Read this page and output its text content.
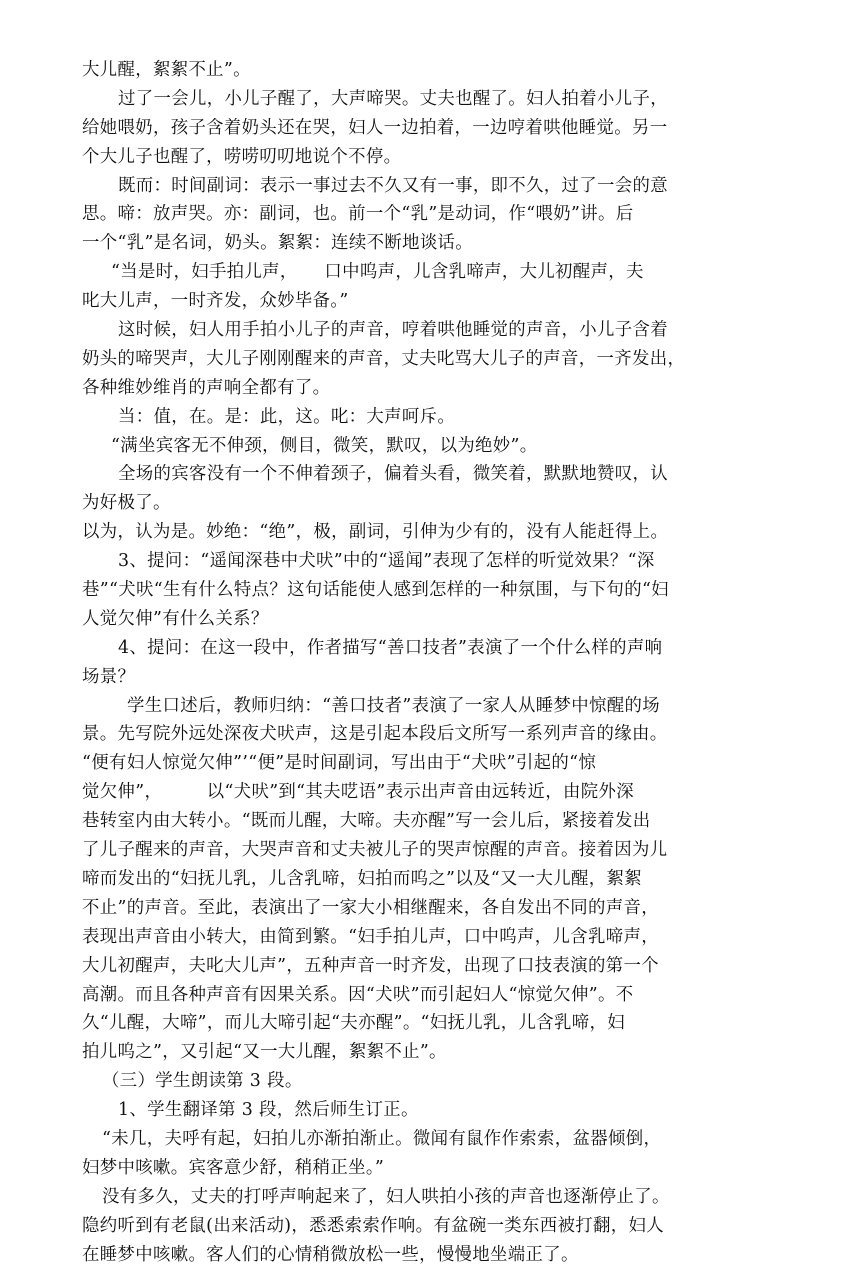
大儿醒，絮絮不止”。
过了一会儿，小儿子醒了，大声啼哭。丈夫也醒了。妇人拍着小儿子，
给她喂奶，孩子含着奶头还在哭，妇人一边拍着，一边哼着哄他睡觉。另一
个大儿子也醒了，唠唠叨叨地说个不停。
既而：时间副词：表示一事过去不久又有一事，即不久，过了一会的意
思。啼：放声哭。亦：副词，也。前一个“乳”是动词，作“喂奶”讲。后
一个“乳”是名词，奶头。絮絮：连续不断地谈话。
“当是时，妇手拍儿声，　　口中呜声，儿含乳啼声，大儿初醒声，夫
叱大儿声，一时齐发，众妙毕备。”
这时候，妇人用手拍小儿子的声音，哼着哄他睡觉的声音，小儿子含着
奶头的啼哭声，大儿子刚刚醒来的声音，丈夫叱骂大儿子的声音，一齐发出，
各种维妙维肖的声响全都有了。
当：值，在。是：此，这。叱：大声呵斥。
“满坐宾客无不伸颈，侧目，微笑，默叹，以为绝妙”。
全场的宾客没有一个不伸着颈子，偏着头看，微笑着，默默地赞叹，认
为好极了。
以为，认为是。妙绝：“绝”，极，副词，引伸为少有的，没有人能赶得上。
3、提问：“遥闻深巷中犬吠”中的“遥闻”表现了怎样的听觉效果？“深
巷”“犬吠“生有什么特点？这句话能使人感到怎样的一种氛围，与下句的“妇
人觉欠伸”有什么关系？
4、提问：在这一段中，作者描写“善口技者”表演了一个什么样的声响
场景？
学生口述后，教师归纳：“善口技者”表演了一家人从睡梦中惊醒的场
景。先写院外远处深夜犬吠声，这是引起本段后文所写一系列声音的缘由。
“便有妇人惊觉欠伸”’“便”是时间副词，写出由于“犬吠”引起的“惊
觉欠伸”，　　　以“犬吠”到“其夫呓语”表示出声音由远转近，由院外深
巷转室内由大转小。“既而儿醒，大啼。夫亦醒”写一会儿后，紧接着发出
了儿子醒来的声音，大哭声音和丈夫被儿子的哭声惊醒的声音。接着因为儿
啼而发出的“妇抚儿乳，儿含乳啼，妇拍而呜之”以及“又一大儿醒，絮絮
不止”的声音。至此，表演出了一家大小相继醒来，各自发出不同的声音，
表现出声音由小转大，由简到繁。“妇手拍儿声，口中呜声，儿含乳啼声，
大儿初醒声，夫叱大儿声”，五种声音一时齐发，出现了口技表演的第一个
高潮。而且各种声音有因果关系。因“犬吠”而引起妇人“惊觉欠伸”。不
久“儿醒，大啼”，而儿大啼引起“夫亦醒”。“妇抚儿乳，儿含乳啼，妇
拍儿呜之”，又引起“又一大儿醒，絮絮不止”。
（三）学生朗读第 3 段。
1、学生翻译第 3 段，然后师生订正。
“未几，夫呼有起，妇拍儿亦渐拍渐止。微闻有鼠作作索索，盆器倾倒，
妇梦中咳嗽。宾客意少舒，稍稍正坐。”
没有多久，丈夫的打呼声响起来了，妇人哄拍小孩的声音也逐渐停止了。
隐约听到有老鼠(出来活动)，悉悉索索作响。有盆碗一类东西被打翻，妇人
在睡梦中咳嗽。客人们的心情稍微放松一些，慢慢地坐端正了。
